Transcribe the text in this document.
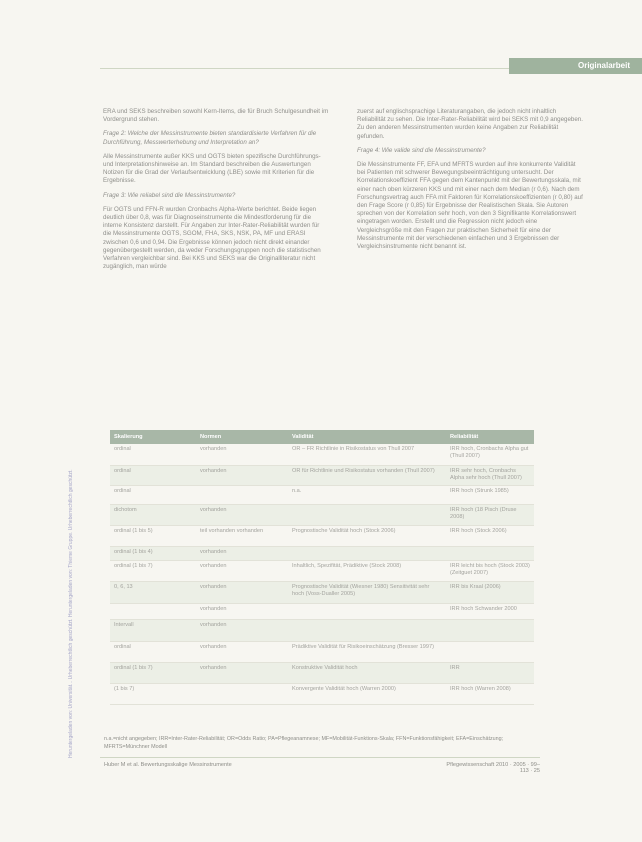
Originalarbeit
Heruntergeladen von: Universität... Urheberrechtlich geschützt. Heruntergeladen von: Thieme Gruppe. Urheberrechtlich geschützt.

ERA und SEKS beschreiben sowohl Kern-Items, die für Bruch Schulgesundheit im Vordergrund stehen.

Frage 2: Welche der Messinstrumente bieten standardisierte Verfahren für die Durchführung, Messwerterhebung und Interpretation an?

Alle Messinstrumente außer KKS und OGTS bieten spezifische Durchführungs- und Interpretationshinweise an. Im Standard beschreiben die Auswertungen Notizen für die Grad der Verlaufsentwicklung (LBE) sowie mit Kriterien für die Ergebnisse.

Frage 3: Wie reliabel sind die Messinstrumente?

Für OGTS und FFN-R wurden Cronbachs Alpha-Werte berichtet. Beide liegen deutlich über 0,8, was für Diagnoseinstrumente die Mindestforderung für die interne Konsistenz darstellt. Für Angaben zur Inter-Rater-Reliabilität wurden für die Messinstrumente OGTS, SGOM, FHA, SKS, NSK, PA, MF und ERASI zwischen 0,6 und 0,94. Die Ergebnisse können jedoch nicht direkt einander gegenübergestellt werden, da weder Forschungsgruppen noch die statistischen Verfahren vergleichbar sind. Bei KKS und SEKS war die Originalliteratur nicht zugänglich, man würde

zuerst auf englischsprachige Literaturangaben, die jedoch nicht inhaltlich Reliabilität zu sehen. Die Inter-Rater-Reliabilität wird bei SEKS mit 0,9 angegeben. Zu den anderen Messinstrumenten wurden keine Angaben zur Reliabilität gefunden.

Frage 4: Wie valide sind die Messinstrumente?

Die Messinstrumente FF, EFA und MFRTS wurden auf ihre konkurrente Validität bei Patienten mit schwerer Bewegungsbeeinträchtigung untersucht. Der Korrelationskoeffizient FFA gegen dem Kantenpunkt mit der Bewertungsskala, mit einer nach oben kürzeren KKS und mit einer nach dem Median (r 0,6). Nach dem Forschungsvertrag auch FFA mit Faktoren für Korrelationskoeffizienten (r 0,80) auf den Frage Score (r 0,85) für Ergebnisse der Realistischen Skala. Sie Autoren sprechen von der Korrelation sehr hoch, von den 3 Signifikante Korrelationswert eingetragen worden. Erstellt und die Regression nicht jedoch eine Vergleichsgröße mit den Fragen zur praktischen Sicherheit für eine der Messinstrumente mit der verschiedenen einfachen und 3 Ergebnissen der Vergleichsinstrumente nicht benannt ist.

Skalierung	Normen	Validität	Reliabilität
ordinal	vorhanden	OR – FR Richtlinie in Risikostatus von Thull 2007	IRR hoch, Cronbachs Alpha gut (Thull 2007)
ordinal	vorhanden	OR für Richtlinie und Risikostatus vorhanden (Thull 2007)	IRR sehr hoch, Cronbachs Alpha sehr hoch (Thull 2007)
ordinal		n.a.	IRR hoch (Strunk 1985)
dichotom	vorhanden		IRR hoch (18 Pisch (Druse 2008)
ordinal (1 bis 5)	teil vorhanden vorhanden	Prognostische Validität hoch (Stock 2006)	IRR hoch (Stock 2006)
ordinal (1 bis 4)	vorhanden		
ordinal (1 bis 7)	vorhanden	Inhaltlich, Spezifität, Prädiktive (Stock 2008)	IRR leicht bis hoch (Stock 2003) (Zeitguet 2007)
0, 6, 13	vorhanden	Prognostische Validität (Wiesner 1980) Sensitivität sehr hoch (Voss-Dualler 2005)	IRR bis Kraal (2006)
	vorhanden		IRR hoch Schwander 2000
Intervall	vorhanden		
ordinal	vorhanden	Prädiktive Validität für Risikoeinschätzung (Bresser 1997)	
ordinal (1 bis 7)	vorhanden	Konstruktive Validität hoch	IRR
(1 bis 7)		Konvergente Validität hoch (Warren 2000)	IRR hoch (Warren 2008)
n.a.=nicht angegeben; IRR=Inter-Rater-Reliabilität; OR=Odds Ratio; PA=Pflegeanamnese; MF=Mobilität-Funktions-Skala; FFN=Funktionsfähigkeit; EFA=Einschätzung; MFRTS=Münchner Modell
Huber M et al. Bewertungsskalige Messinstrumente	Pflegewissenschaft 2010 · 2005 · 99–113 · 25
